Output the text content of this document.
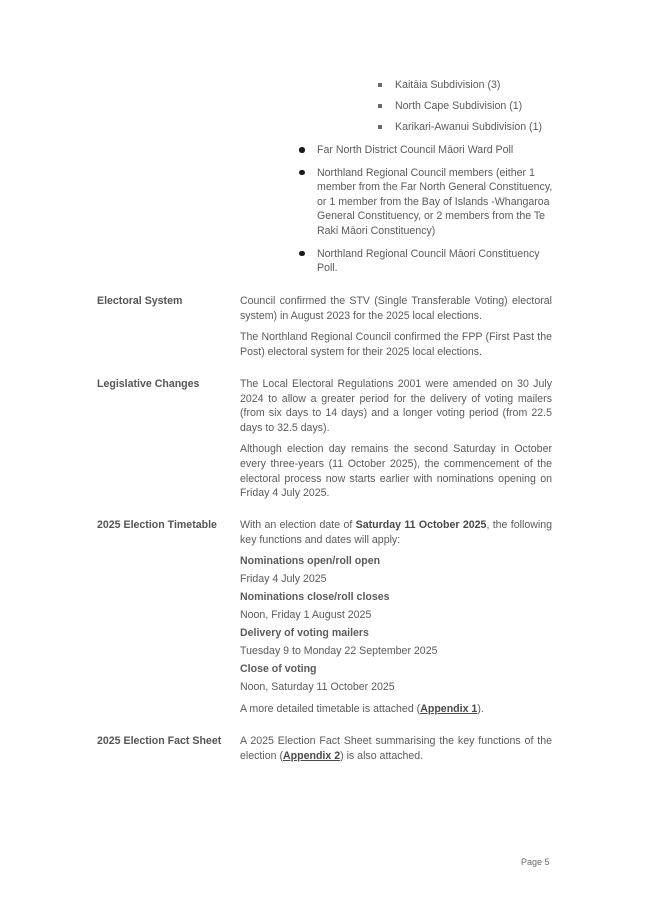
Kaitāia Subdivision (3)
North Cape Subdivision (1)
Karikari-Awanui Subdivision (1)
Far North District Council Māori Ward Poll
Northland Regional Council members (either 1 member from the Far North General Constituency, or 1 member from the Bay of Islands -Whangaroa General Constituency, or 2 members from the Te Raki Māori Constituency)
Northland Regional Council Māori Constituency Poll.
Electoral System	Council confirmed the STV (Single Transferable Voting) electoral system) in August 2023 for the 2025 local elections.

The Northland Regional Council confirmed the FPP (First Past the Post) electoral system for their 2025 local elections.

Legislative Changes	The Local Electoral Regulations 2001 were amended on 30 July 2024 to allow a greater period for the delivery of voting mailers (from six days to 14 days) and a longer voting period (from 22.5 days to 32.5 days).

Although election day remains the second Saturday in October every three-years (11 October 2025), the commencement of the electoral process now starts earlier with nominations opening on Friday 4 July 2025.

2025 Election Timetable	With an election date of Saturday 11 October 2025, the following key functions and dates will apply:

Nominations open/roll open
Friday 4 July 2025
Nominations close/roll closes
Noon, Friday 1 August 2025
Delivery of voting mailers
Tuesday 9 to Monday 22 September 2025
Close of voting
Noon, Saturday 11 October 2025

A more detailed timetable is attached (Appendix 1).

2025 Election Fact Sheet	A 2025 Election Fact Sheet summarising the key functions of the election (Appendix 2) is also attached.

Page 5
